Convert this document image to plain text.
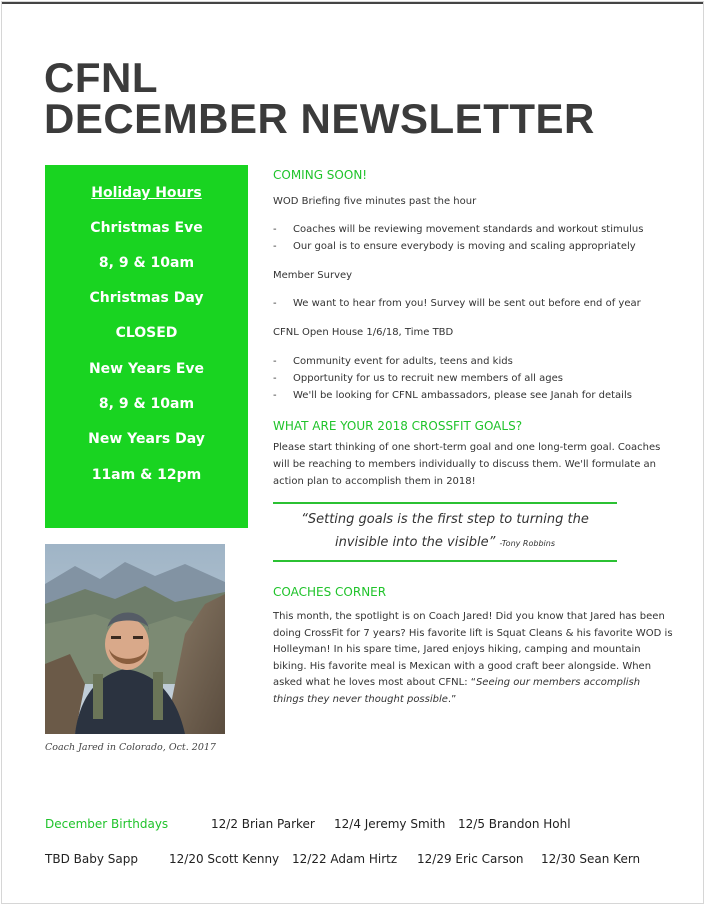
CFNL
DECEMBER NEWSLETTER
Holiday Hours
Christmas Eve
8, 9 & 10am
Christmas Day
CLOSED
New Years Eve
8, 9 & 10am
New Years Day
11am & 12pm
Coach Jared in Colorado, Oct. 2017
COMING SOON!
WOD Briefing five minutes past the hour
- Coaches will be reviewing movement standards and workout stimulus
- Our goal is to ensure everybody is moving and scaling appropriately
Member Survey
- We want to hear from you! Survey will be sent out before end of year
CFNL Open House 1/6/18, Time TBD
- Community event for adults, teens and kids
- Opportunity for us to recruit new members of all ages
- We'll be looking for CFNL ambassadors, please see Janah for details
WHAT ARE YOUR 2018 CROSSFIT GOALS?
Please start thinking of one short-term goal and one long-term goal. Coaches
will be reaching to members individually to discuss them. We'll formulate an
action plan to accomplish them in 2018!
“Setting goals is the first step to turning the
invisible into the visible” -Tony Robbins
COACHES CORNER

This month, the spotlight is on Coach Jared! Did you know that Jared has been

doing CrossFit for 7 years? His favorite lift is Squat Cleans & his favorite WOD is

Holleyman! In his spare time, Jared enjoys hiking, camping and mountain

biking. His favorite meal is Mexican with a good craft beer alongside. When

asked what he loves most about CFNL: “Seeing our members accomplish

things they never thought possible.”

December Birthdays	12/2 Brian Parker 12/4 Jeremy Smith 12/5 Brandon Hohl
TBD Baby Sapp	12/20 Scott Kenny 12/22 Adam Hirtz 12/29 Eric Carson 12/30 Sean Kern
